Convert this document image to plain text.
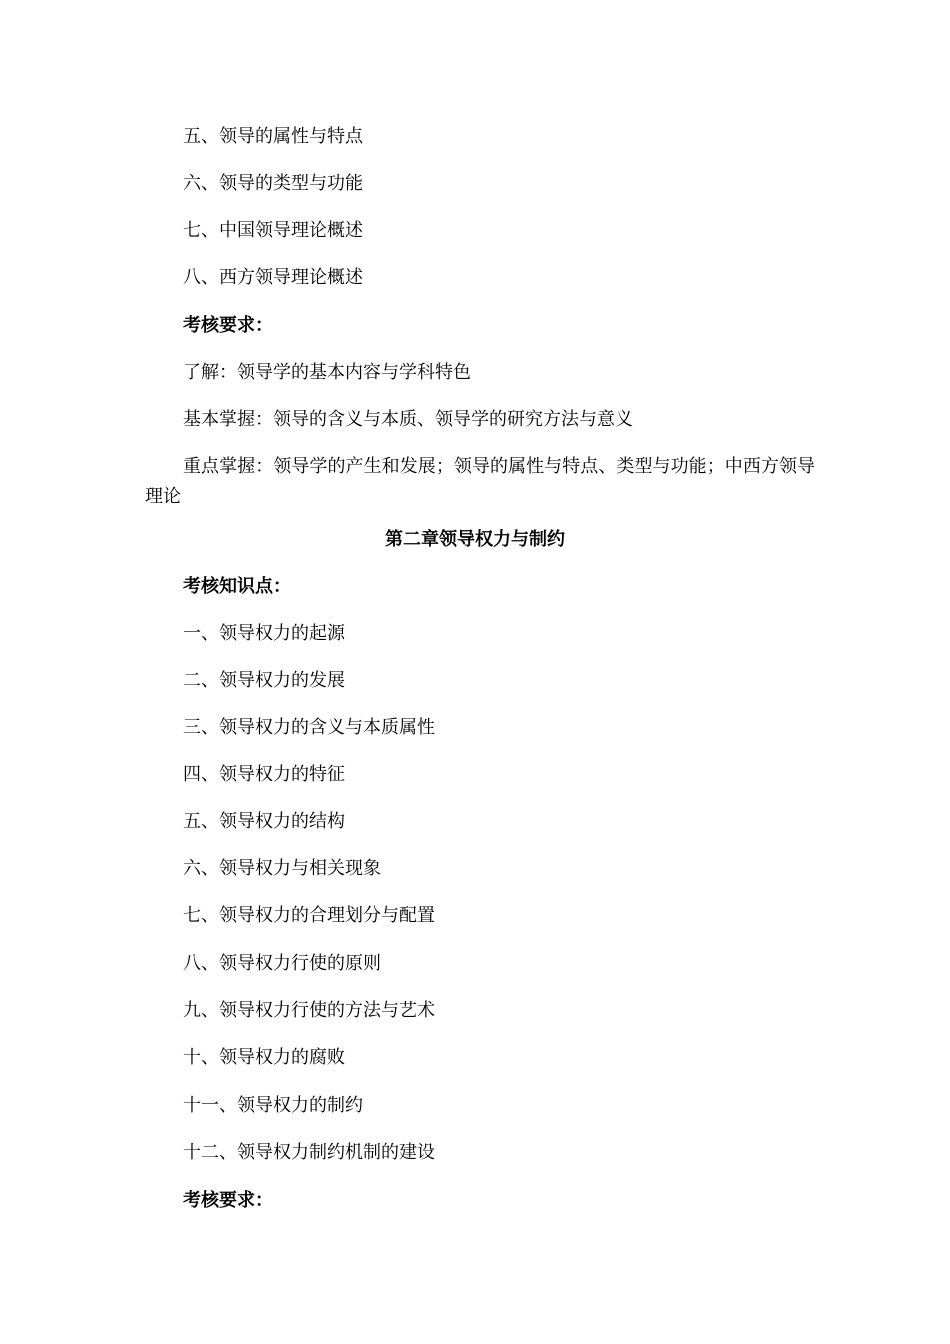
五、领导的属性与特点
六、领导的类型与功能
七、中国领导理论概述
八、西方领导理论概述
考核要求：
了解：领导学的基本内容与学科特色
基本掌握：领导的含义与本质、领导学的研究方法与意义
重点掌握：领导学的产生和发展；领导的属性与特点、类型与功能；中西方领导理论
第二章领导权力与制约
考核知识点：
一、领导权力的起源
二、领导权力的发展
三、领导权力的含义与本质属性
四、领导权力的特征
五、领导权力的结构
六、领导权力与相关现象
七、领导权力的合理划分与配置
八、领导权力行使的原则
九、领导权力行使的方法与艺术
十、领导权力的腐败
十一、领导权力的制约
十二、领导权力制约机制的建设
考核要求：
